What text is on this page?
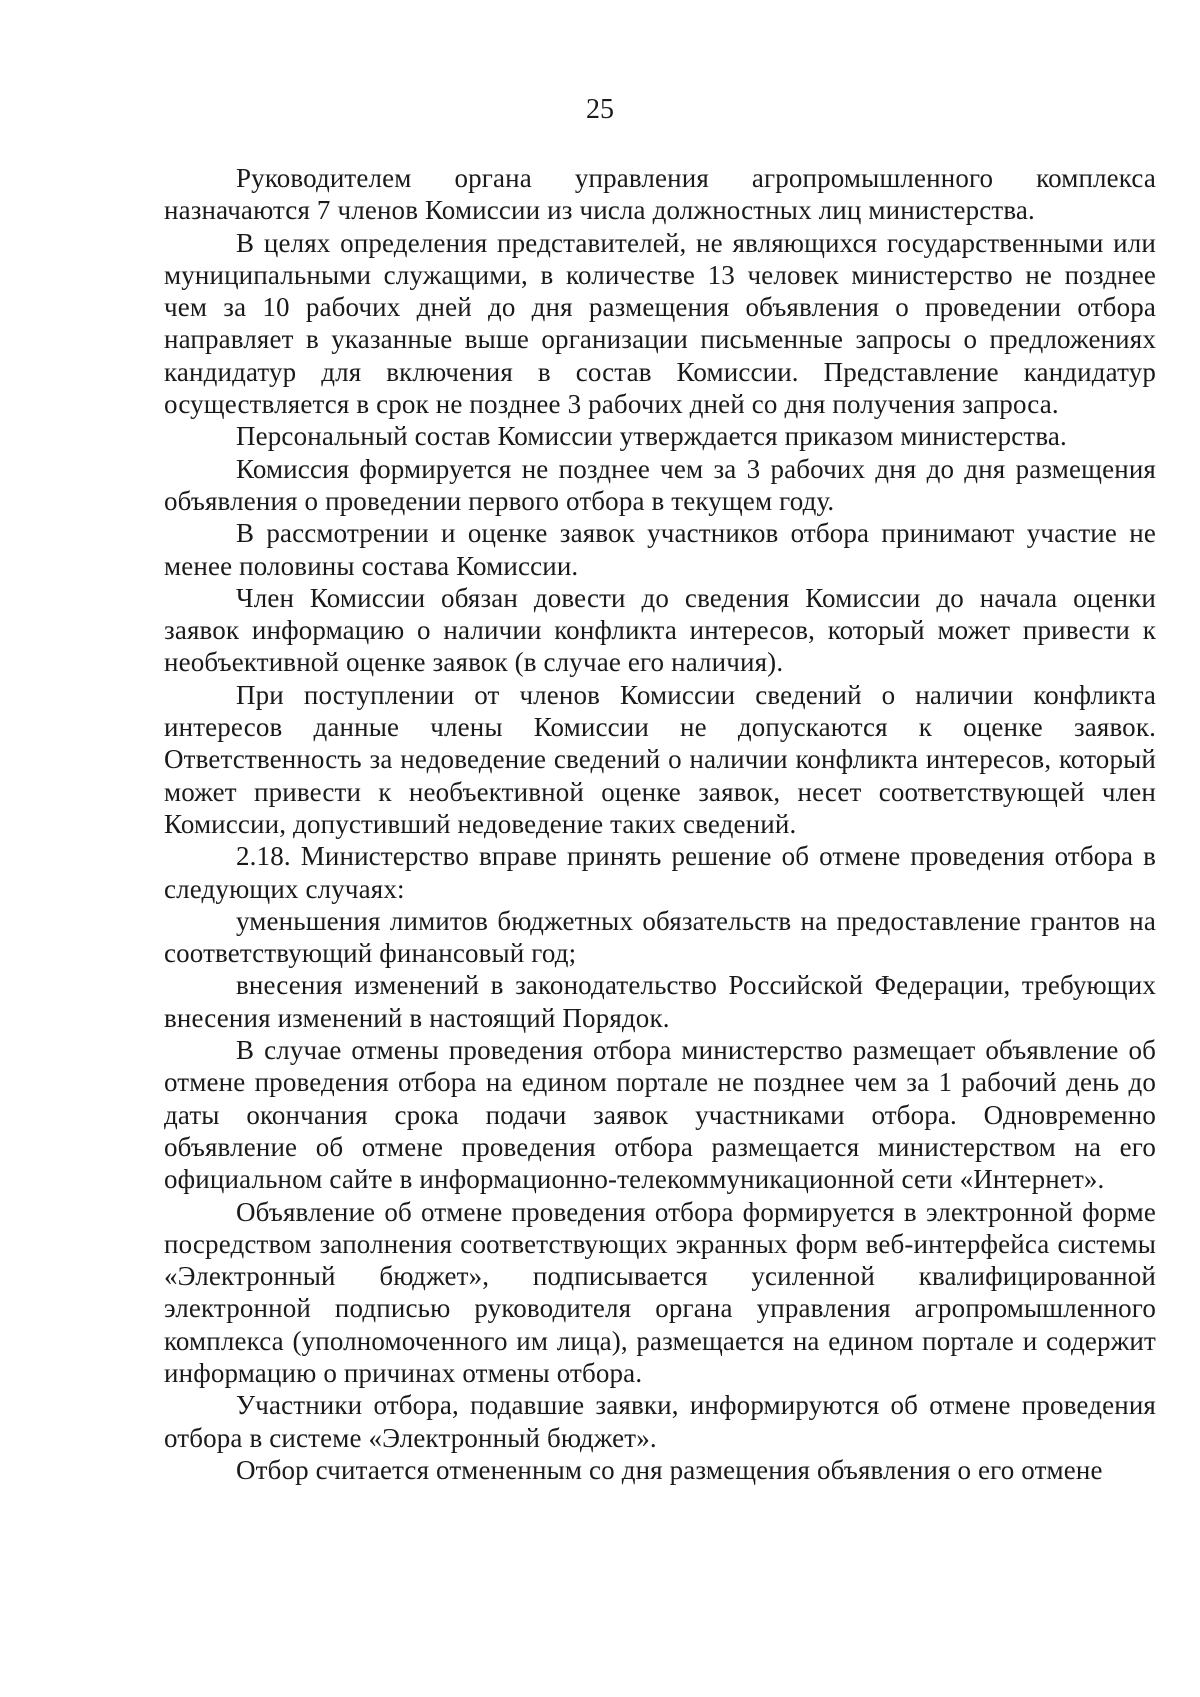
25

Руководителем органа управления агропромышленного комплекса назначаются 7 членов Комиссии из числа должностных лиц министерства.

В целях определения представителей, не являющихся государственными или муниципальными служащими, в количестве 13 человек министерство не позднее чем за 10 рабочих дней до дня размещения объявления о проведении отбора направляет в указанные выше организации письменные запросы о предложениях кандидатур для включения в состав Комиссии. Представление кандидатур осуществляется в срок не позднее 3 рабочих дней со дня получения запроса.

Персональный состав Комиссии утверждается приказом министерства.

Комиссия формируется не позднее чем за 3 рабочих дня до дня размещения объявления о проведении первого отбора в текущем году.

В рассмотрении и оценке заявок участников отбора принимают участие не менее половины состава Комиссии.

Член Комиссии обязан довести до сведения Комиссии до начала оценки заявок информацию о наличии конфликта интересов, который может привести к необъективной оценке заявок (в случае его наличия).

При поступлении от членов Комиссии сведений о наличии конфликта интересов данные члены Комиссии не допускаются к оценке заявок. Ответственность за недоведение сведений о наличии конфликта интересов, который может привести к необъективной оценке заявок, несет соответствующей член Комиссии, допустивший недоведение таких сведений.

2.18. Министерство вправе принять решение об отмене проведения отбора в следующих случаях:

уменьшения лимитов бюджетных обязательств на предоставление грантов на соответствующий финансовый год;

внесения изменений в законодательство Российской Федерации, требующих внесения изменений в настоящий Порядок.

В случае отмены проведения отбора министерство размещает объявление об отмене проведения отбора на едином портале не позднее чем за 1 рабочий день до даты окончания срока подачи заявок участниками отбора. Одновременно объявление об отмене проведения отбора размещается министерством на его официальном сайте в информационно-телекоммуникационной сети «Интернет».

Объявление об отмене проведения отбора формируется в электронной форме посредством заполнения соответствующих экранных форм веб-интерфейса системы «Электронный бюджет», подписывается усиленной квалифицированной электронной подписью руководителя органа управления агропромышленного комплекса (уполномоченного им лица), размещается на едином портале и содержит информацию о причинах отмены отбора.

Участники отбора, подавшие заявки, информируются об отмене проведения отбора в системе «Электронный бюджет».

Отбор считается отмененным со дня размещения объявления о его отмене
